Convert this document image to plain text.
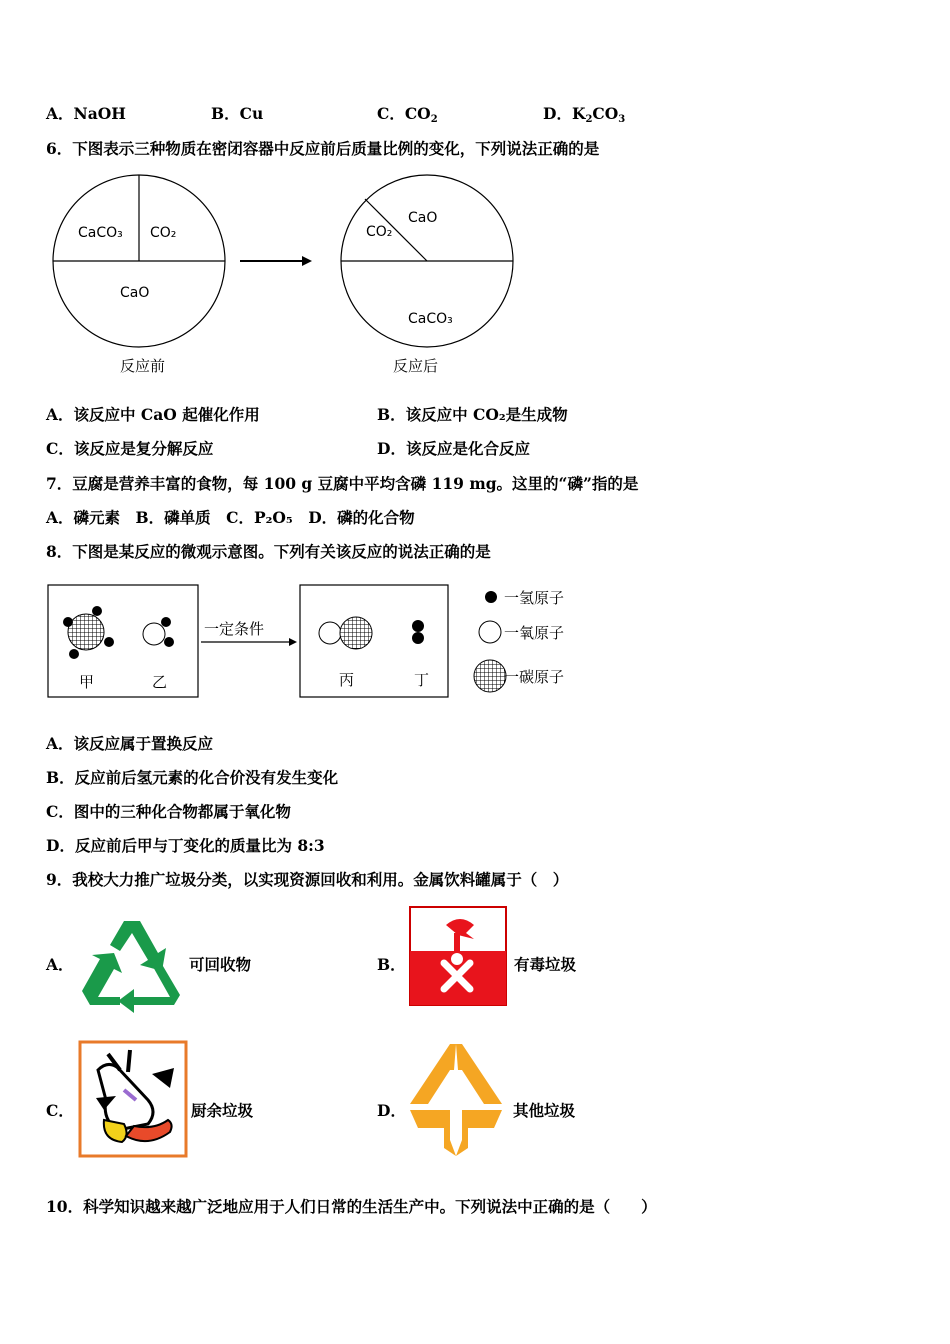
A．NaOH	B．Cu	C．$CO_2$	D．$K_2CO_3$
6．下图表示三种物质在密闭容器中反应前后质量比例的变化，下列说法正确的是
CaCO₃ CO₂
CaO
反应前
CO₂
CaO
CaCO₃
反应后
A．该反应中 CaO 起催化作用	B．该反应中 CO₂是生成物
C．该反应是复分解反应	D．该反应是化合反应
7．豆腐是营养丰富的食物，每 100 g 豆腐中平均含磷 119 mg。这里的“磷”指的是
A．磷元素　B．磷单质　C．P₂O₅　D．磷的化合物
8．下图是某反应的微观示意图。下列有关该反应的说法正确的是
甲	乙
一定条件
丙	丁
一氢原子
一氧原子
一碳原子
A．该反应属于置换反应
B．反应前后氢元素的化合价没有发生变化
C．图中的三种化合物都属于氧化物
D．反应前后甲与丁变化的质量比为 8:3
9．我校大力推广垃圾分类，以实现资源回收和利用。金属饮料罐属于（　）
A．	可回收物	B．	有毒垃圾
C．	厨余垃圾	D．	其他垃圾
10．科学知识越来越广泛地应用于人们日常的生活生产中。下列说法中正确的是（　　）
